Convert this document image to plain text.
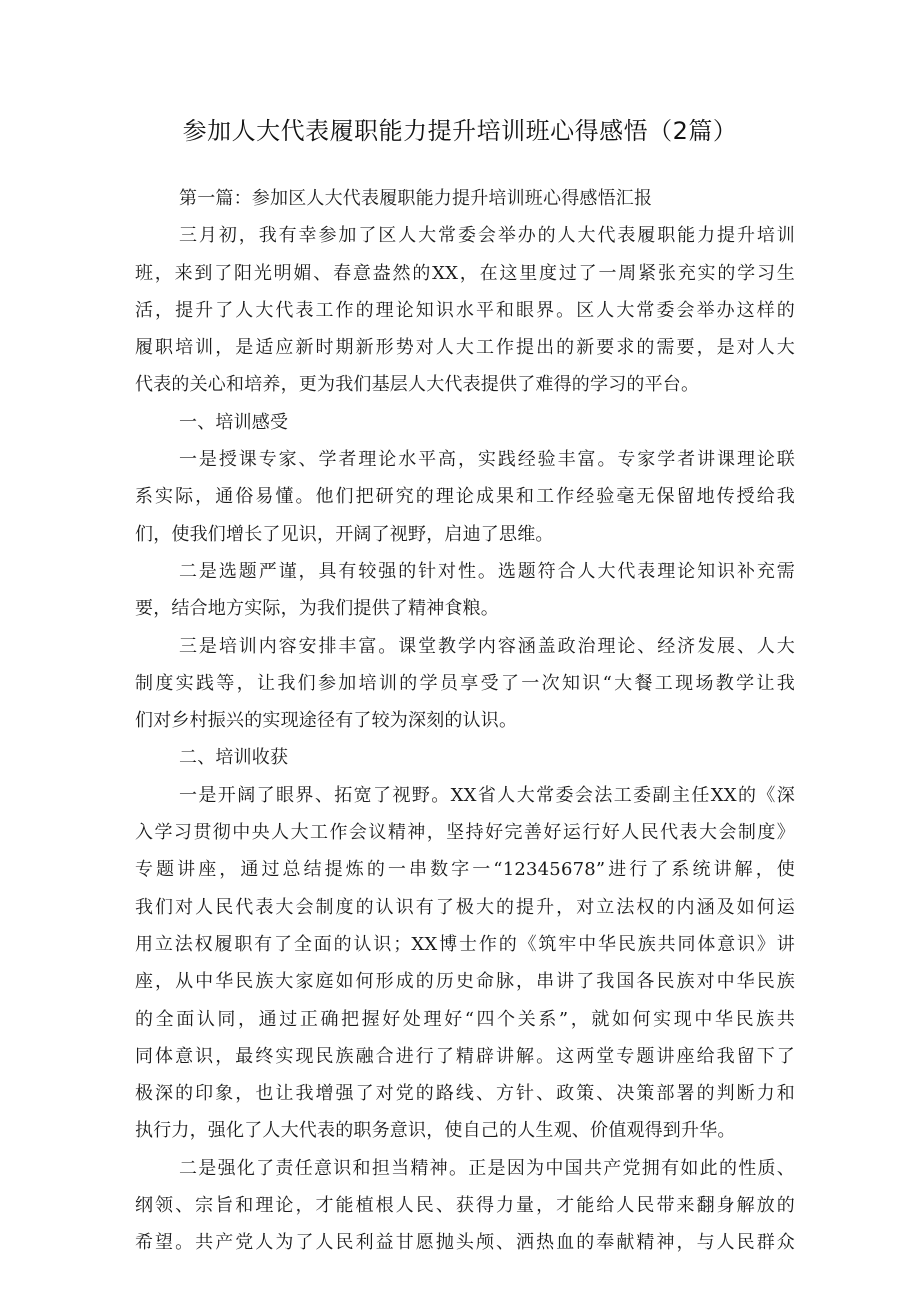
参加人大代表履职能力提升培训班心得感悟（2篇）
第一篇：参加区人大代表履职能力提升培训班心得感悟汇报
三月初，我有幸参加了区人大常委会举办的人大代表履职能力提升培训
班，来到了阳光明媚、春意盎然的XX，在这里度过了一周紧张充实的学习生
活，提升了人大代表工作的理论知识水平和眼界。区人大常委会举办这样的
履职培训，是适应新时期新形势对人大工作提出的新要求的需要，是对人大
代表的关心和培养，更为我们基层人大代表提供了难得的学习的平台。
一、培训感受
一是授课专家、学者理论水平高，实践经验丰富。专家学者讲课理论联
系实际，通俗易懂。他们把研究的理论成果和工作经验毫无保留地传授给我
们，使我们增长了见识，开阔了视野，启迪了思维。
二是选题严谨，具有较强的针对性。选题符合人大代表理论知识补充需
要，结合地方实际，为我们提供了精神食粮。
三是培训内容安排丰富。课堂教学内容涵盖政治理论、经济发展、人大
制度实践等，让我们参加培训的学员享受了一次知识“大餐工现场教学让我
们对乡村振兴的实现途径有了较为深刻的认识。
二、培训收获
一是开阔了眼界、拓宽了视野。XX省人大常委会法工委副主任XX的《深
入学习贯彻中央人大工作会议精神，坚持好完善好运行好人民代表大会制度》
专题讲座，通过总结提炼的一串数字一“12345678”进行了系统讲解，使
我们对人民代表大会制度的认识有了极大的提升，对立法权的内涵及如何运
用立法权履职有了全面的认识；XX博士作的《筑牢中华民族共同体意识》讲
座，从中华民族大家庭如何形成的历史命脉，串讲了我国各民族对中华民族
的全面认同，通过正确把握好处理好“四个关系”，就如何实现中华民族共
同体意识，最终实现民族融合进行了精辟讲解。这两堂专题讲座给我留下了
极深的印象，也让我增强了对党的路线、方针、政策、决策部署的判断力和
执行力，强化了人大代表的职务意识，使自己的人生观、价值观得到升华。
二是强化了责任意识和担当精神。正是因为中国共产党拥有如此的性质、
纲领、宗旨和理论，才能植根人民、获得力量，才能给人民带来翻身解放的
希望。共产党人为了人民利益甘愿抛头颅、洒热血的奉献精神，与人民群众
